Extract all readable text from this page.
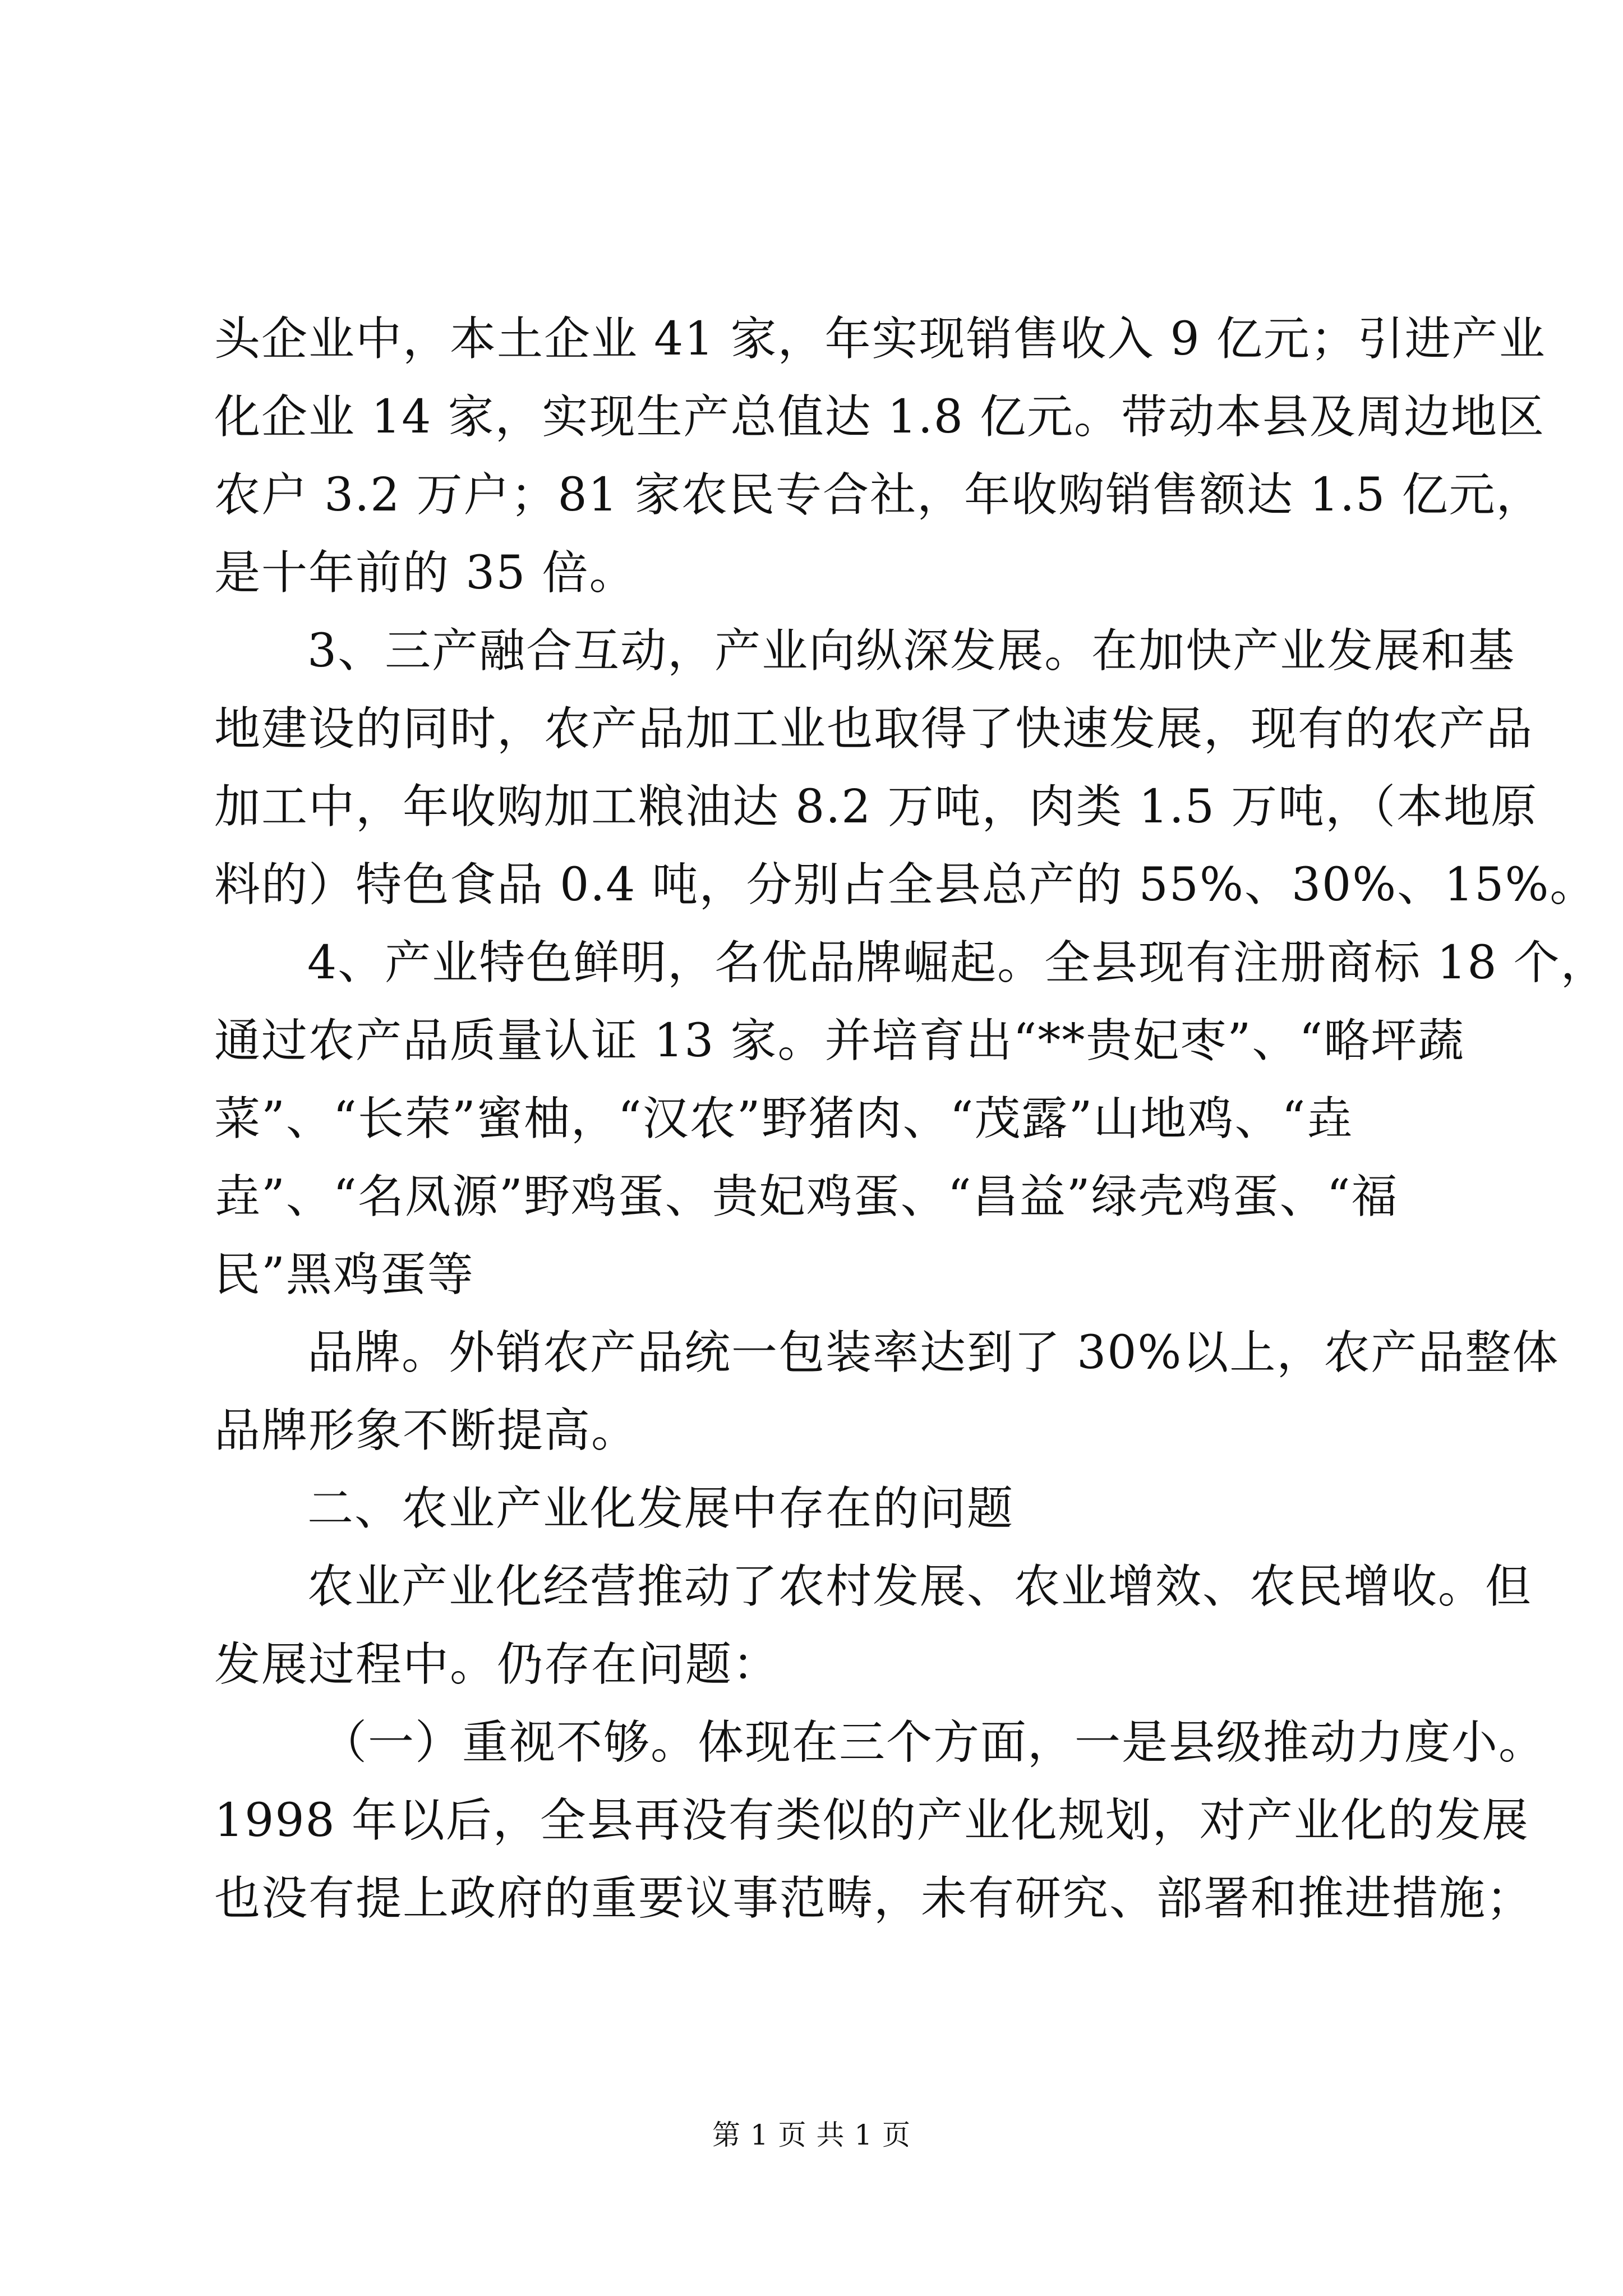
头企业中，本土企业 41 家，年实现销售收入 9 亿元；引进产业
化企业 14 家，实现生产总值达 1.8 亿元。带动本县及周边地区
农户 3.2 万户；81 家农民专合社，年收购销售额达 1.5 亿元，
是十年前的 35 倍。
3、三产融合互动，产业向纵深发展。在加快产业发展和基
地建设的同时，农产品加工业也取得了快速发展，现有的农产品
加工中，年收购加工粮油达 8.2 万吨，肉类 1.5 万吨，（本地原
料的）特色食品 0.4 吨，分别占全县总产的 55%、30%、15%。
4、产业特色鲜明，名优品牌崛起。全县现有注册商标 18 个，
通过农产品质量认证 13 家。并培育出“**贵妃枣”、“略坪蔬
菜”、“长荣”蜜柚，“汉农”野猪肉、“茂露”山地鸡、“垚
垚”、“名凤源”野鸡蛋、贵妃鸡蛋、“昌益”绿壳鸡蛋、“福
民”黑鸡蛋等
品牌。外销农产品统一包装率达到了 30%以上，农产品整体
品牌形象不断提高。
二、农业产业化发展中存在的问题
农业产业化经营推动了农村发展、农业增效、农民增收。但
发展过程中。仍存在问题：
（一）重视不够。体现在三个方面，一是县级推动力度小。
1998 年以后，全县再没有类似的产业化规划，对产业化的发展
也没有提上政府的重要议事范畴，未有研究、部署和推进措施；
第 1 页 共 1 页
